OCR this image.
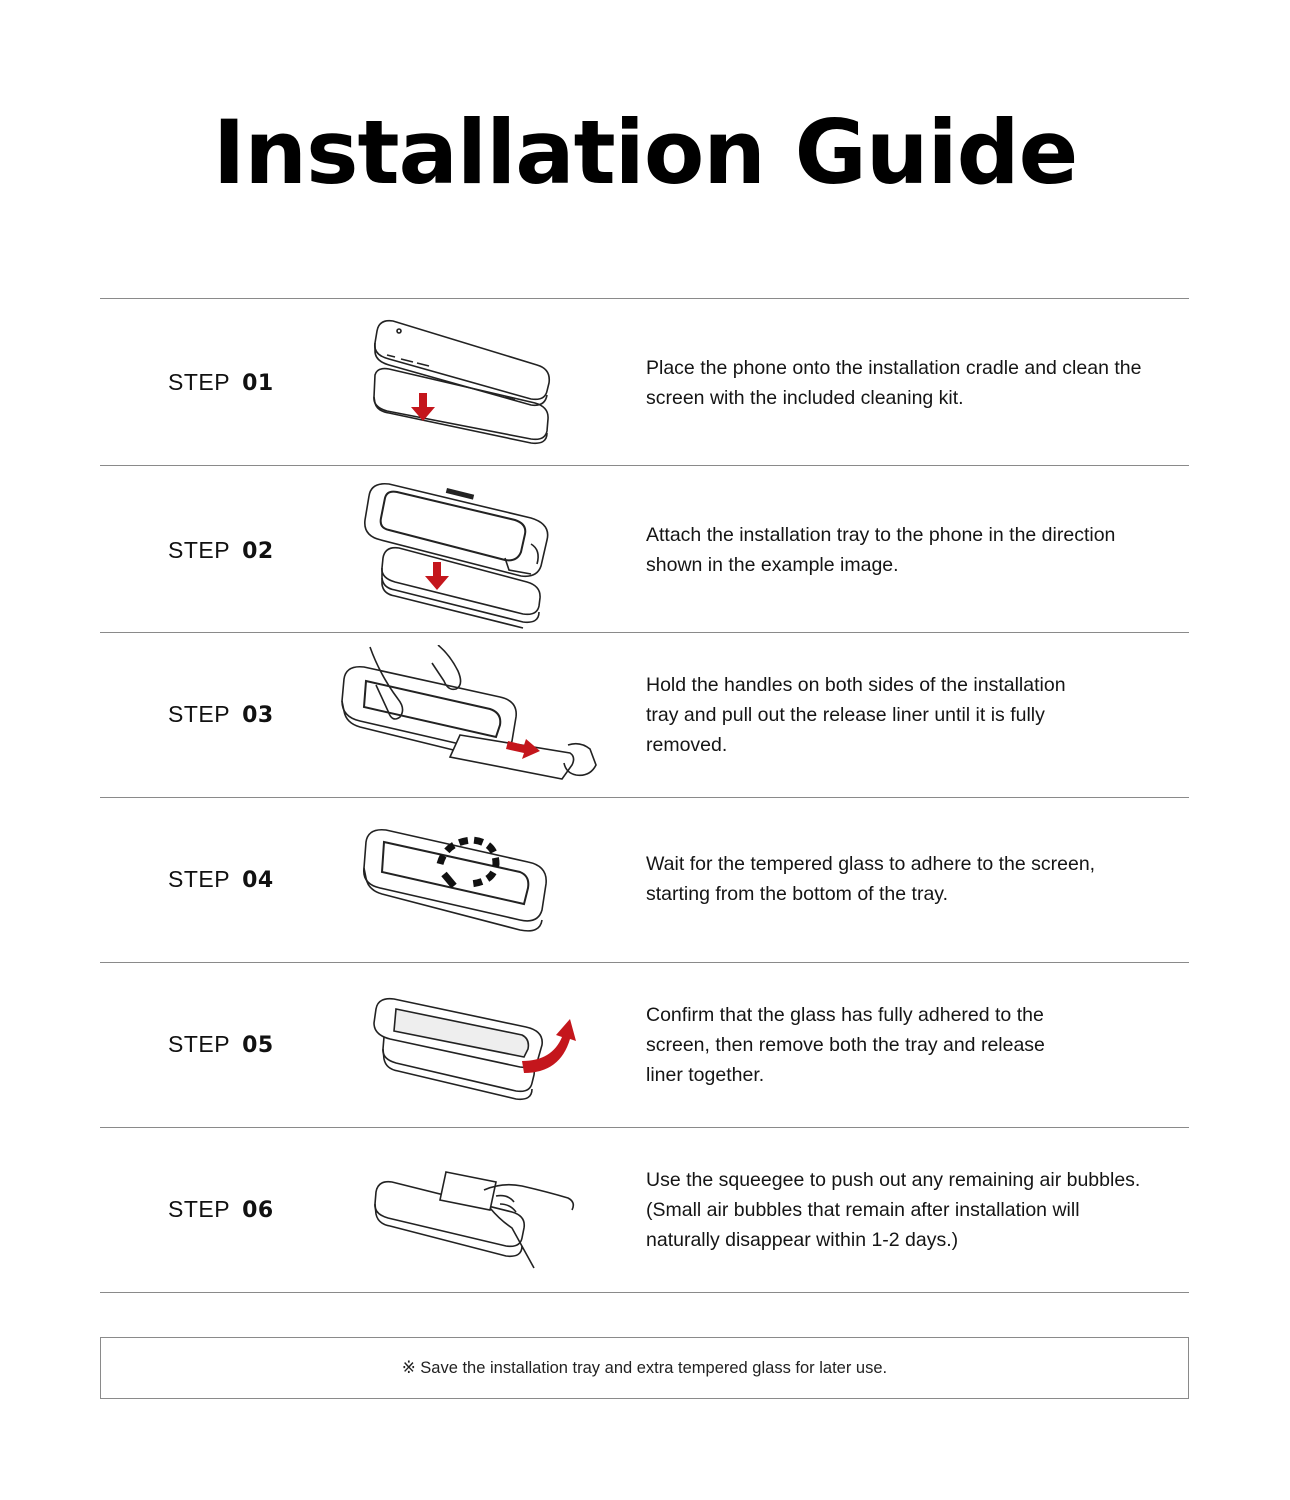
Installation Guide
STEP 01
Place the phone onto the installation cradle and clean the screen with the included cleaning kit.
STEP 02
Attach the installation tray to the phone in the direction shown in the example image.
STEP 03
Hold the handles on both sides of the installation tray and pull out the release liner until it is fully removed.
STEP 04
Wait for the tempered glass to adhere to the screen, starting from the bottom of the tray.
STEP 05
Confirm that the glass has fully adhered to the screen, then remove both the tray and release liner together.
STEP 06
Use the squeegee to push out any remaining air bubbles. (Small air bubbles that remain after installation will naturally disappear within 1-2 days.)
※ Save the installation tray and extra tempered glass for later use.
